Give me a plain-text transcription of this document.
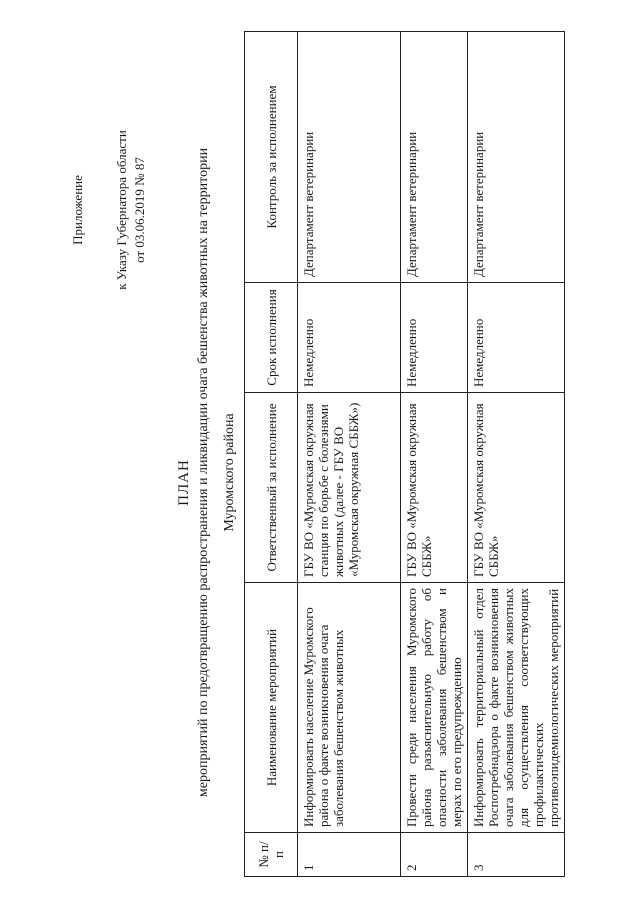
Приложение к Указу Губернатора области от 03.06.2019 № 87
ПЛАН мероприятий по предотвращению распространения и ликвидации очага бешенства животных на территории Муромского района
№ п/п	Наименование мероприятий	Ответственный за исполнение	Срок исполнения	Контроль за исполнением
1	Информировать население Муромского района о факте возникновения очага заболевания бешенством животных	ГБУ ВО «Муромская окружная станция по борьбе с болезнями животных (далее - ГБУ ВО «Муромская окружная СББЖ»)	Немедленно	Департамент ветеринарии
2	Провести среди населения Муромского района разъяснительную работу об опасности заболевания бешенством и мерах по его предупреждению	ГБУ ВО «Муромская окружная СББЖ»	Немедленно	Департамент ветеринарии
3	Информировать территориальный отдел Роспотребнадзора о факте возникновения очага заболевания бешенством животных для осуществления соответствующих профилактических противоэпидемиологических мероприятий	ГБУ ВО «Муромская окружная СББЖ»	Немедленно	Департамент ветеринарии
